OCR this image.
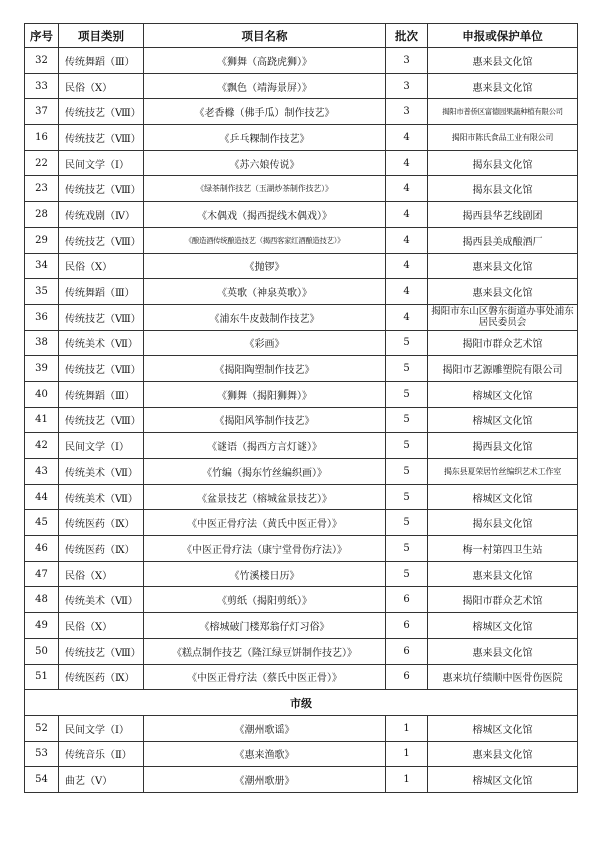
序号	项目类别	项目名称	批次	申报或保护单位
32	传统舞蹈（Ⅲ）	《狮舞（高跷虎狮）》	3	惠来县文化馆
33	民俗（Ⅹ）	《飘色（靖海景屏）》	3	惠来县文化馆
37	传统技艺（Ⅷ）	《老香橼（佛手瓜）制作技艺》	3	揭阳市普侨区富德园果蔬种植有限公司
16	传统技艺（Ⅷ）	《乒乓粿制作技艺》	4	揭阳市陈氏食品工业有限公司
22	民间文学（Ⅰ）	《苏六娘传说》	4	揭东县文化馆
23	传统技艺（Ⅷ）	《绿茶制作技艺（玉湖炒茶制作技艺）》	4	揭东县文化馆
28	传统戏剧（Ⅳ）	《木偶戏（揭西提线木偶戏）》	4	揭西县华艺线剧团
29	传统技艺（Ⅷ）	《酿造酒传统酿造技艺（揭西客家红酒酿造技艺）》	4	揭西县美成酿酒厂
34	民俗（Ⅹ）	《抛锣》	4	惠来县文化馆
35	传统舞蹈（Ⅲ）	《英歌（神泉英歌）》	4	惠来县文化馆
36	传统技艺（Ⅷ）	《浦东牛皮鼓制作技艺》	4	揭阳市东山区磐东街道办事处浦东居民委员会
38	传统美术（Ⅶ）	《彩画》	5	揭阳市群众艺术馆
39	传统技艺（Ⅷ）	《揭阳陶塑制作技艺》	5	揭阳市艺源雕塑院有限公司
40	传统舞蹈（Ⅲ）	《狮舞（揭阳狮舞）》	5	榕城区文化馆
41	传统技艺（Ⅷ）	《揭阳风筝制作技艺》	5	榕城区文化馆
42	民间文学（Ⅰ）	《谜语（揭西方言灯谜）》	5	揭西县文化馆
43	传统美术（Ⅶ）	《竹编（揭东竹丝编织画）》	5	揭东县夏荣居竹丝编织艺术工作室
44	传统美术（Ⅶ）	《盆景技艺（榕城盆景技艺）》	5	榕城区文化馆
45	传统医药（Ⅸ）	《中医正骨疗法（黄氏中医正骨）》	5	揭东县文化馆
46	传统医药（Ⅸ）	《中医正骨疗法（康宁堂骨伤疗法）》	5	梅一村第四卫生站
47	民俗（Ⅹ）	《竹溪楼日历》	5	惠来县文化馆
48	传统美术（Ⅶ）	《剪纸（揭阳剪纸）》	6	揭阳市群众艺术馆
49	民俗（Ⅹ）	《榕城破门楼郑翁仔灯习俗》	6	榕城区文化馆
50	传统技艺（Ⅷ）	《糕点制作技艺（隆江绿豆饼制作技艺）》	6	惠来县文化馆
51	传统医药（Ⅸ）	《中医正骨疗法（蔡氏中医正骨）》	6	惠来坑仔绩顺中医骨伤医院
市级				
52	民间文学（Ⅰ）	《潮州歌谣》	1	榕城区文化馆
53	传统音乐（Ⅱ）	《惠来渔歌》	1	惠来县文化馆
54	曲艺（Ⅴ）	《潮州歌册》	1	榕城区文化馆
